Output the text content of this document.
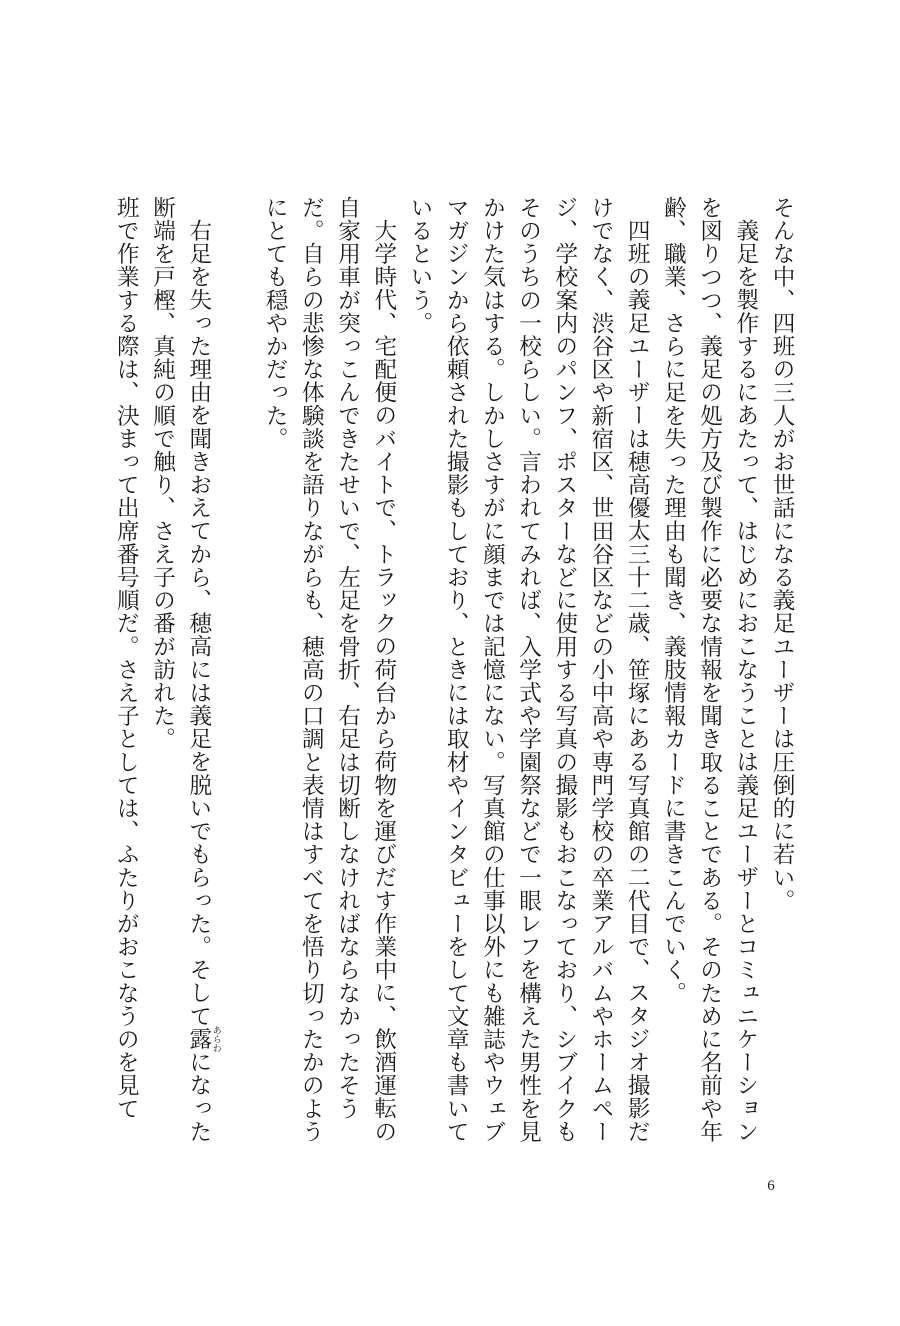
そんな中、四班の三人がお世話になる義足ユーザーは圧倒的に若い。
義足を製作するにあたって、はじめにおこなうことは義足ユーザーとコミュニケーションを図りつつ、義足の処方及び製作に必要な情報を聞き取ることである。そのために名前や年齢、職業、さらに足を失った理由も聞き、義肢情報カードに書きこんでいく。
四班の義足ユーザーは穂高優太三十二歳、笹塚にある写真館の二代目で、スタジオ撮影だけでなく、渋谷区や新宿区、世田谷区などの小中高や専門学校の卒業アルバムやホームページ、学校案内のパンフ、ポスターなどに使用する写真の撮影もおこなっており、シブイクもそのうちの一校らしい。言われてみれば、入学式や学園祭などで一眼レフを構えた男性を見かけた気はする。しかしさすがに顔までは記憶にない。写真館の仕事以外にも雑誌やウェブマガジンから依頼された撮影もしており、ときには取材やインタビューをして文章も書いているという。
大学時代、宅配便のバイトで、トラックの荷台から荷物を運びだす作業中に、飲酒運転の自家用車が突っこんできたせいで、左足を骨折、右足は切断しなければならなかったそうだ。自らの悲惨な体験談を語りながらも、穂高の口調と表情はすべてを悟り切ったかのようにとても穏やかだった。
右足を失った理由を聞きおえてから、穂高には義足を脱いでもらった。そして露 あらわになった断端を戸樫、真純の順で触り、さえ子の番が訪れた。
班で作業する際は、決まって出席番号順だ。さえ子としては、ふたりがおこなうのを見て
6
